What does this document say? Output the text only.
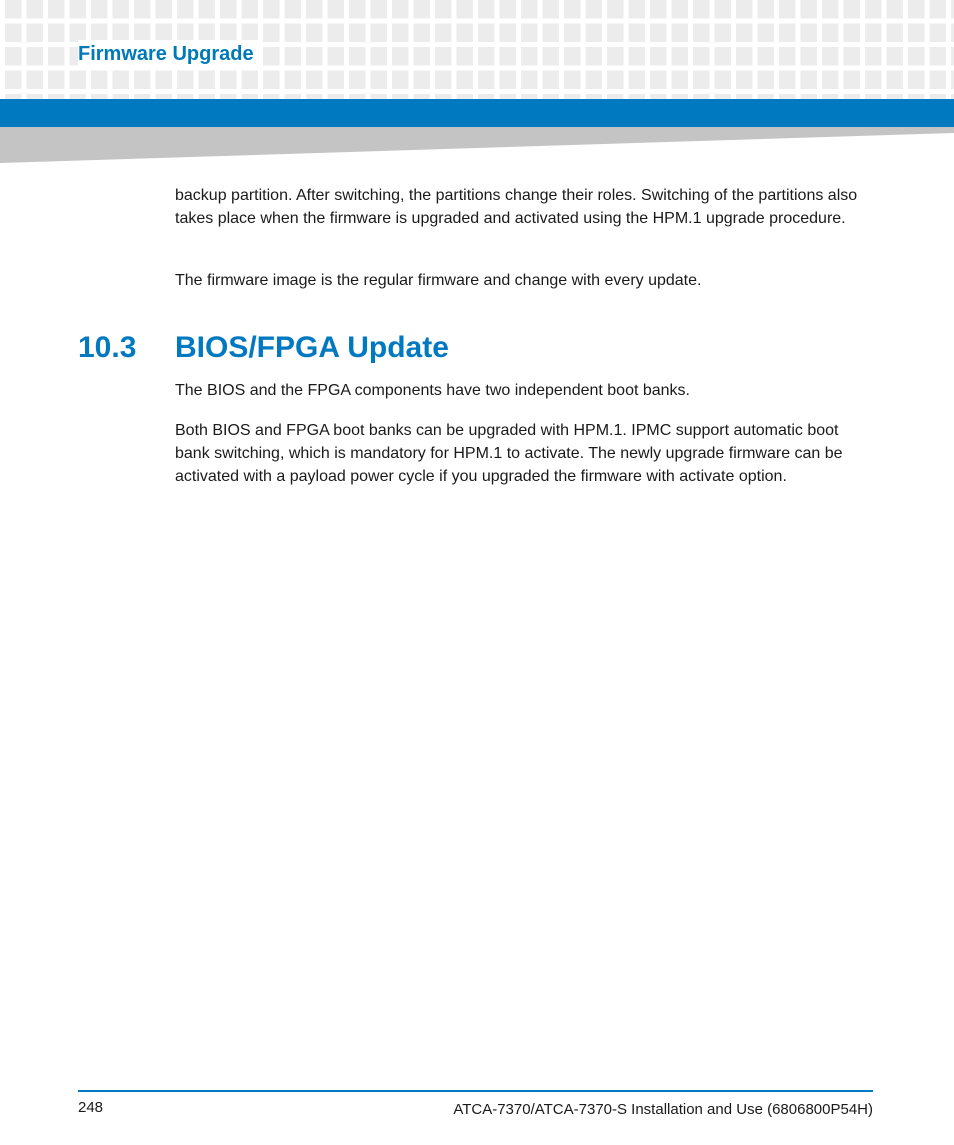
Firmware Upgrade

backup partition. After switching, the partitions change their roles. Switching of the partitions also takes place when the firmware is upgraded and activated using the HPM.1 upgrade procedure.

The firmware image is the regular firmware and change with every update.

10.3 BIOS/FPGA Update

The BIOS and the FPGA components have two independent boot banks.

Both BIOS and FPGA boot banks can be upgraded with HPM.1. IPMC support automatic boot bank switching, which is mandatory for HPM.1 to activate. The newly upgrade firmware can be activated with a payload power cycle if you upgraded the firmware with activate option.

248	ATCA-7370/ATCA-7370-S Installation and Use (6806800P54H)
